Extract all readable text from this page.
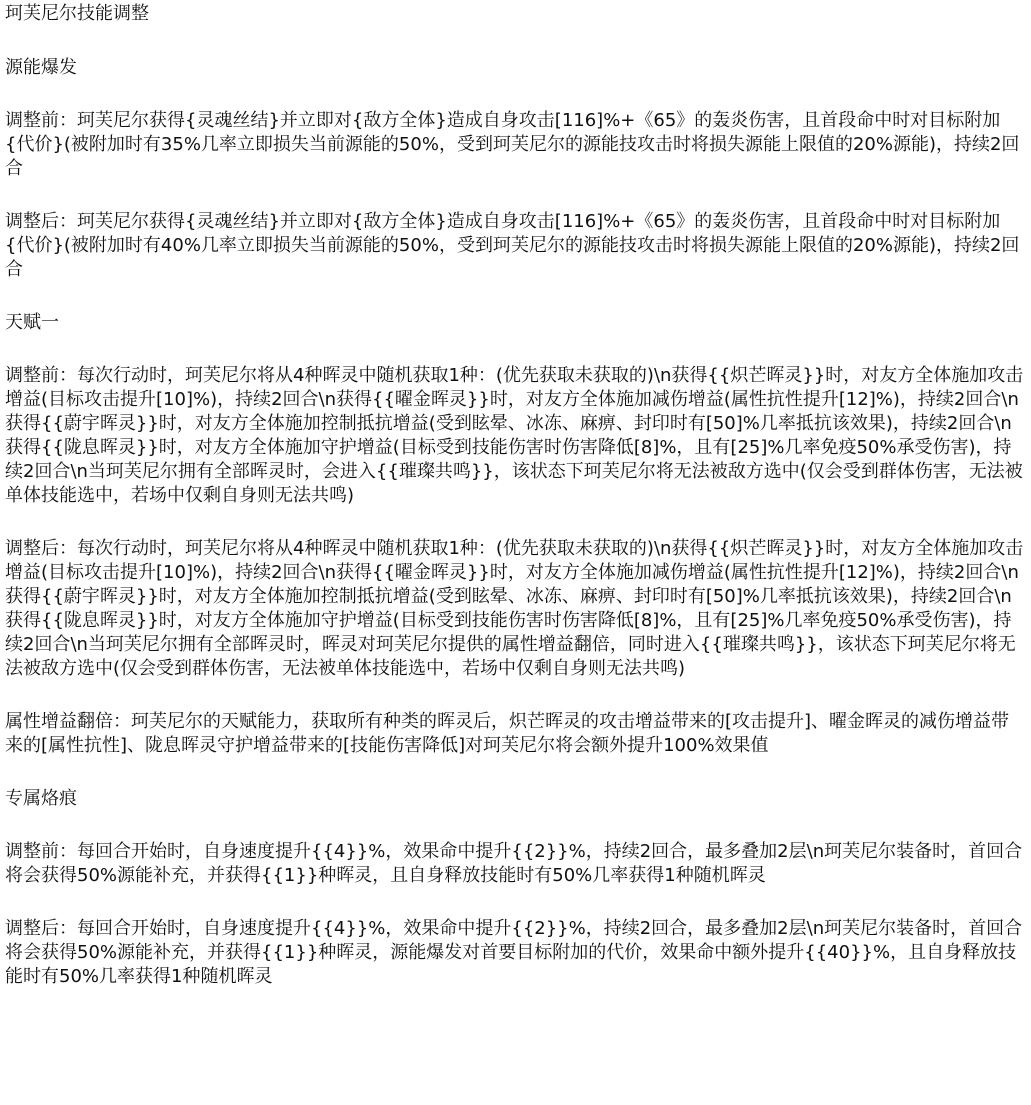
珂芙尼尔技能调整
源能爆发
调整前：珂芙尼尔获得{灵魂丝结}并立即对{敌方全体}造成自身攻击[116]%+《65》的轰炎伤害，且首段命中时对目标附加{代价}(被附加时有35%几率立即损失当前源能的50%，受到珂芙尼尔的源能技攻击时将损失源能上限值的20%源能)，持续2回合
调整后：珂芙尼尔获得{灵魂丝结}并立即对{敌方全体}造成自身攻击[116]%+《65》的轰炎伤害，且首段命中时对目标附加{代价}(被附加时有40%几率立即损失当前源能的50%，受到珂芙尼尔的源能技攻击时将损失源能上限值的20%源能)，持续2回合
天赋一
调整前：每次行动时，珂芙尼尔将从4种晖灵中随机获取1种：(优先获取未获取的)\n获得{{炽芒晖灵}}时，对友方全体施加攻击增益(目标攻击提升[10]%)，持续2回合\n获得{{曜金晖灵}}时，对友方全体施加减伤增益(属性抗性提升[12]%)，持续2回合\n获得{{蔚宇晖灵}}时，对友方全体施加控制抵抗增益(受到眩晕、冰冻、麻痹、封印时有[50]%几率抵抗该效果)，持续2回合\n获得{{陇息晖灵}}时，对友方全体施加守护增益(目标受到技能伤害时伤害降低[8]%，且有[25]%几率免疫50%承受伤害)，持续2回合\n当珂芙尼尔拥有全部晖灵时，会进入{{璀璨共鸣}}，该状态下珂芙尼尔将无法被敌方选中(仅会受到群体伤害，无法被单体技能选中，若场中仅剩自身则无法共鸣)
调整后：每次行动时，珂芙尼尔将从4种晖灵中随机获取1种：(优先获取未获取的)\n获得{{炽芒晖灵}}时，对友方全体施加攻击增益(目标攻击提升[10]%)，持续2回合\n获得{{曜金晖灵}}时，对友方全体施加减伤增益(属性抗性提升[12]%)，持续2回合\n获得{{蔚宇晖灵}}时，对友方全体施加控制抵抗增益(受到眩晕、冰冻、麻痹、封印时有[50]%几率抵抗该效果)，持续2回合\n获得{{陇息晖灵}}时，对友方全体施加守护增益(目标受到技能伤害时伤害降低[8]%，且有[25]%几率免疫50%承受伤害)，持续2回合\n当珂芙尼尔拥有全部晖灵时，晖灵对珂芙尼尔提供的属性增益翻倍，同时进入{{璀璨共鸣}}，该状态下珂芙尼尔将无法被敌方选中(仅会受到群体伤害，无法被单体技能选中，若场中仅剩自身则无法共鸣)
属性增益翻倍：珂芙尼尔的天赋能力，获取所有种类的晖灵后，炽芒晖灵的攻击增益带来的[攻击提升]、曜金晖灵的减伤增益带来的[属性抗性]、陇息晖灵守护增益带来的[技能伤害降低]对珂芙尼尔将会额外提升100%效果值
专属烙痕
调整前：每回合开始时，自身速度提升{{4}}%，效果命中提升{{2}}%，持续2回合，最多叠加2层\n珂芙尼尔装备时，首回合将会获得50%源能补充，并获得{{1}}种晖灵，且自身释放技能时有50%几率获得1种随机晖灵
调整后：每回合开始时，自身速度提升{{4}}%，效果命中提升{{2}}%，持续2回合，最多叠加2层\n珂芙尼尔装备时，首回合将会获得50%源能补充，并获得{{1}}种晖灵，源能爆发对首要目标附加的代价，效果命中额外提升{{40}}%，且自身释放技能时有50%几率获得1种随机晖灵
